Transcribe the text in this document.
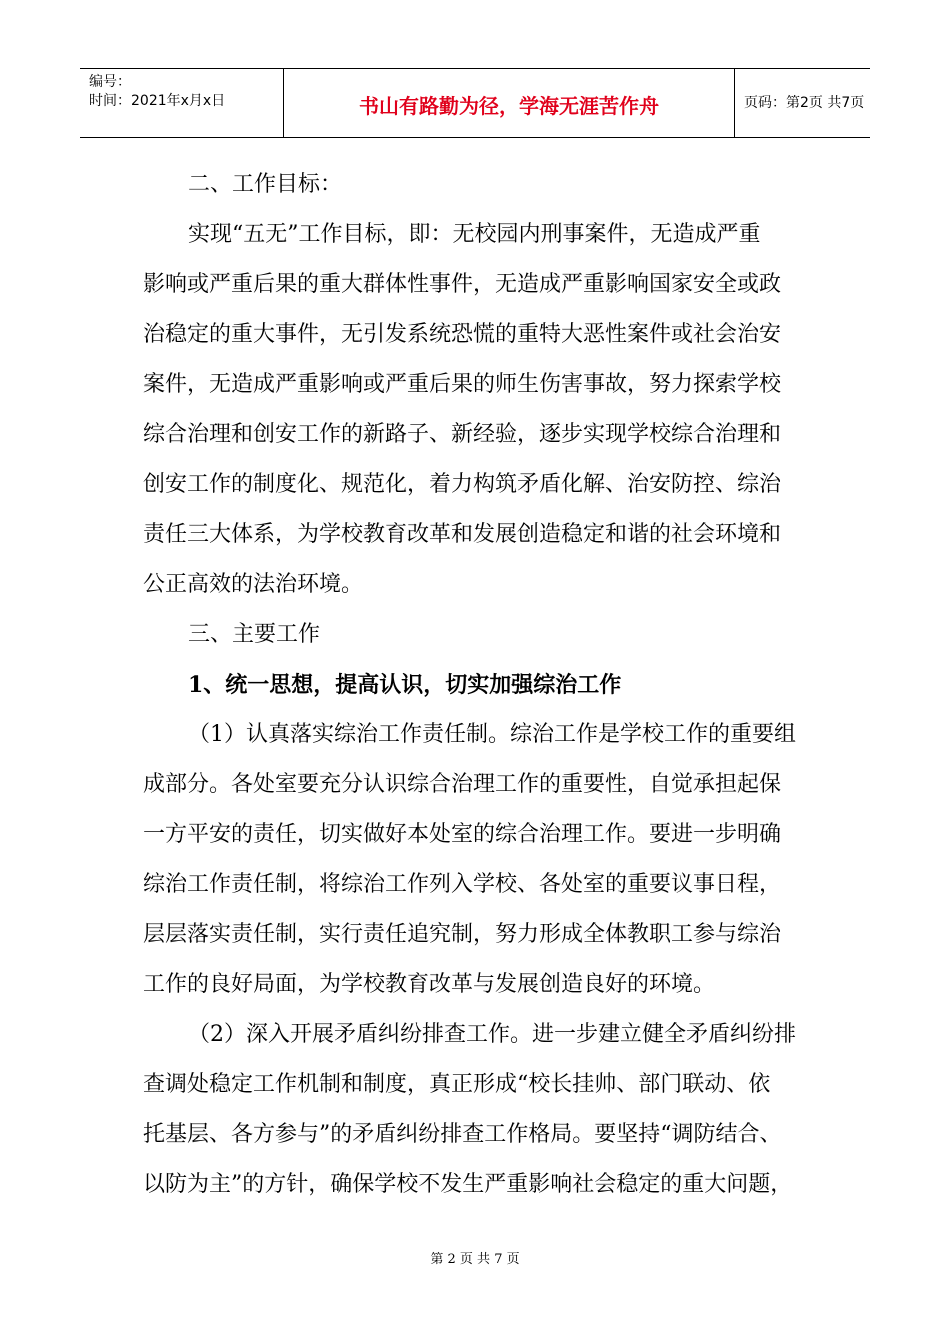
编号：
时间：2021年x月x日	书山有路勤为径，学海无涯苦作舟	页码：第2页 共7页
二、工作目标：
实现“五无”工作目标，即：无校园内刑事案件，无造成严重
影响或严重后果的重大群体性事件，无造成严重影响国家安全或政
治稳定的重大事件，无引发系统恐慌的重特大恶性案件或社会治安
案件，无造成严重影响或严重后果的师生伤害事故，努力探索学校
综合治理和创安工作的新路子、新经验，逐步实现学校综合治理和
创安工作的制度化、规范化，着力构筑矛盾化解、治安防控、综治
责任三大体系，为学校教育改革和发展创造稳定和谐的社会环境和
公正高效的法治环境。
三、主要工作
1、统一思想，提高认识，切实加强综治工作
（1）认真落实综治工作责任制。综治工作是学校工作的重要组
成部分。各处室要充分认识综合治理工作的重要性，自觉承担起保
一方平安的责任，切实做好本处室的综合治理工作。要进一步明确
综治工作责任制，将综治工作列入学校、各处室的重要议事日程，
层层落实责任制，实行责任追究制，努力形成全体教职工参与综治
工作的良好局面，为学校教育改革与发展创造良好的环境。
（2）深入开展矛盾纠纷排查工作。进一步建立健全矛盾纠纷排
查调处稳定工作机制和制度，真正形成“校长挂帅、部门联动、依
托基层、各方参与”的矛盾纠纷排查工作格局。要坚持“调防结合、
以防为主”的方针，确保学校不发生严重影响社会稳定的重大问题，
第 2 页 共 7 页
